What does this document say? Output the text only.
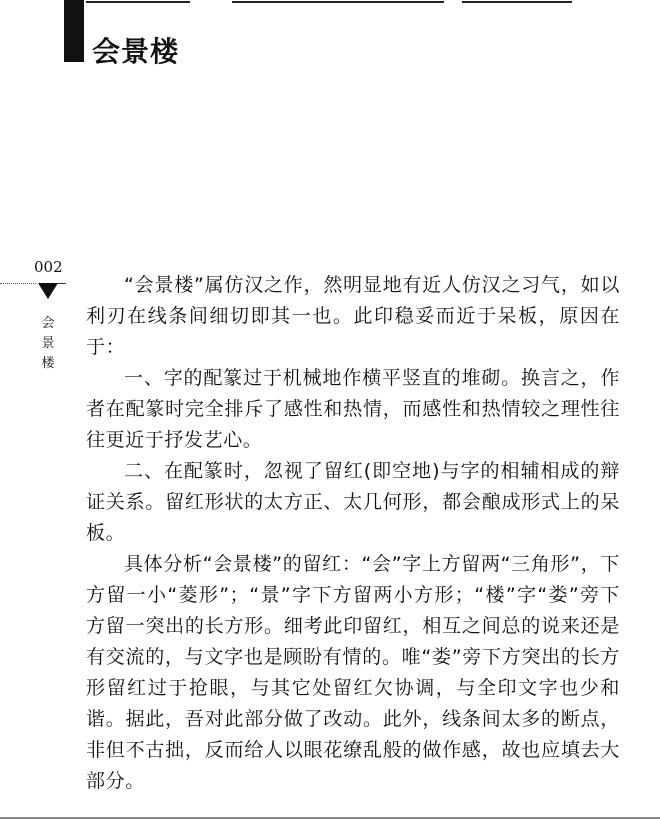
会景楼
002
会景楼

“会景楼”属仿汉之作，然明显地有近人仿汉之习气，如以利刃在线条间细切即其一也。此印稳妥而近于呆板，原因在于：

一、字的配篆过于机械地作横平竖直的堆砌。换言之，作者在配篆时完全排斥了感性和热情，而感性和热情较之理性往往更近于抒发艺心。

二、在配篆时，忽视了留红(即空地)与字的相辅相成的辩证关系。留红形状的太方正、太几何形，都会酿成形式上的呆板。

具体分析“会景楼”的留红：“会”字上方留两“三角形”，下方留一小“菱形”；“景”字下方留两小方形；“楼”字“娄”旁下方留一突出的长方形。细考此印留红，相互之间总的说来还是有交流的，与文字也是顾盼有情的。唯“娄”旁下方突出的长方形留红过于抢眼，与其它处留红欠协调，与全印文字也少和谐。据此，吾对此部分做了改动。此外，线条间太多的断点，非但不古拙，反而给人以眼花缭乱般的做作感，故也应填去大部分。
